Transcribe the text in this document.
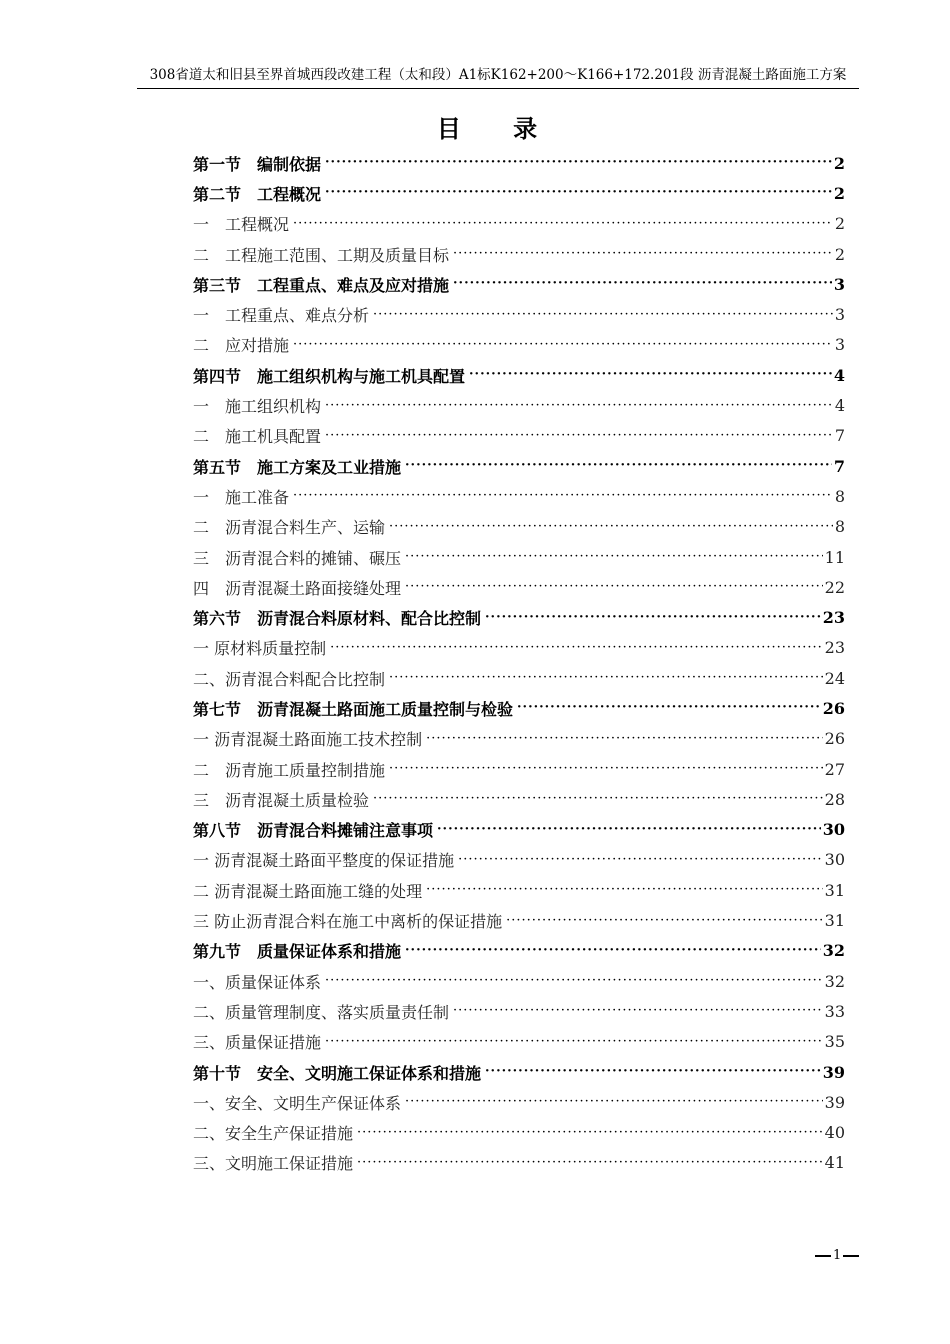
308省道太和旧县至界首城西段改建工程（太和段）A1标K162+200～K166+172.201段 沥青混凝土路面施工方案
目 录
第一节　编制依据 ·····	2
第二节　工程概况 ·····	2
一　工程概况 ·····	2
二　工程施工范围、工期及质量目标 ·····	2
第三节　工程重点、难点及应对措施 ·····	3
一　工程重点、难点分析 ·····	3
二　应对措施 ·····	3
第四节　施工组织机构与施工机具配置 ·····	4
一　施工组织机构 ·····	4
二　施工机具配置 ·····	7
第五节　施工方案及工业措施 ·····	7
一　施工准备 ·····	8
二　沥青混合料生产、运输 ·····	8
三　沥青混合料的摊铺、碾压 ·····	11
四　沥青混凝土路面接缝处理 ·····	22
第六节　沥青混合料原材料、配合比控制 ·····	23
一 原材料质量控制 ·····	23
二、沥青混合料配合比控制 ·····	24
第七节　沥青混凝土路面施工质量控制与检验 ·····	26
一 沥青混凝土路面施工技术控制 ·····	26
二　沥青施工质量控制措施 ·····	27
三　沥青混凝土质量检验 ·····	28
第八节　沥青混合料摊铺注意事项 ·····	30
一 沥青混凝土路面平整度的保证措施 ·····	30
二 沥青混凝土路面施工缝的处理 ·····	31
三 防止沥青混合料在施工中离析的保证措施 ·····	31
第九节　质量保证体系和措施 ·····	32
一、质量保证体系 ·····	32
二、质量管理制度、落实质量责任制 ·····	33
三、质量保证措施 ·····	35
第十节　安全、文明施工保证体系和措施 ·····	39
一、安全、文明生产保证体系 ·····	39
二、安全生产保证措施 ·····	40
三、文明施工保证措施 ·····	41
1
